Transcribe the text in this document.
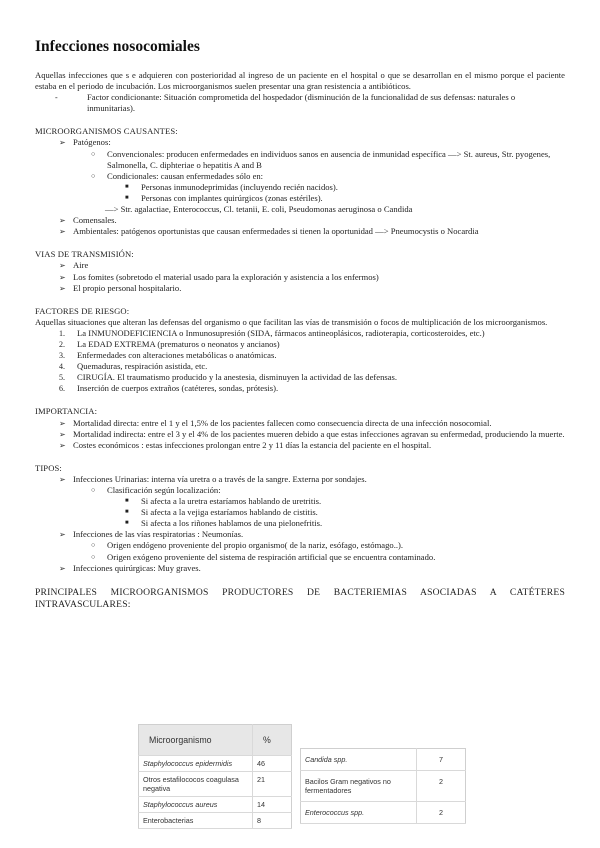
Infecciones nosocomiales

Aquellas infecciones que s e adquieren con posterioridad al ingreso de un paciente en el hospital o que se desarrollan en el mismo porque el paciente estaba en el periodo de incubación. Los microorganismos suelen presentar una gran resistencia a antibióticos.

-	Factor condicionante: Situación comprometida del hospedador (disminución de la funcionalidad de sus defensas: naturales o inmunitarias).

MICROORGANISMOS CAUSANTES:

➢ Patógenos:
○	Convencionales: producen enfermedades en individuos sanos en ausencia de inmunidad específica —> St. aureus, Str. pyogenes, Salmonella, C. diphteriae o hepatitis A and B
○	Condicionales: causan enfermedades sólo en:
■	Personas inmunodeprimidas (incluyendo recién nacidos).
■	Personas con implantes quirúrgicos (zonas estériles).
—> Str. agalactiae, Enterococcus, Cl. tetanii, E. coli, Pseudomonas aeruginosa o Candida
➢ Comensales.
➢ Ambientales: patógenos oportunistas que causan enfermedades si tienen la oportunidad —> Pneumocystis o Nocardia

VIAS DE TRANSMISIÓN:

➢ Aire
➢ Los fomites (sobretodo el material usado para la exploración y asistencia a los enfermos)
➢ El propio personal hospitalario.

FACTORES DE RIESGO:

Aquellas situaciones que alteran las defensas del organismo o que facilitan las vías de transmisión o focos de multiplicación de los microorganismos.

1.	La INMUNODEFICIENCIA o Inmunosupresión (SIDA, fármacos antineoplásicos, radioterapia, corticosteroides, etc.)
2.	La EDAD EXTREMA (prematuros o neonatos y ancianos)
3.	Enfermedades con alteraciones metabólicas o anatómicas.
4.	Quemaduras, respiración asistida, etc.
5.	CIRUGÍA. El traumatismo producido y la anestesia, disminuyen la actividad de las defensas.
6.	Inserción de cuerpos extraños (catéteres, sondas, prótesis).

IMPORTANCIA:

➢ Mortalidad directa: entre el 1 y el 1,5% de los pacientes fallecen como consecuencia directa de una infección nosocomial.
➢ Mortalidad indirecta: entre el 3 y el 4% de los pacientes mueren debido a que estas infecciones agravan su enfermedad, produciendo la muerte.
➢ Costes económicos : estas infecciones prolongan entre 2 y 11 días la estancia del paciente en el hospital.

TIPOS:

➢ Infecciones Urinarias: interna vía uretra o a través de la sangre. Externa por sondajes.
○	Clasificación según localización:
■	Si afecta a la uretra estaríamos hablando de uretritis.
■	Si afecta a la vejiga estaríamos hablando de cistitis.
■	Si afecta a los riñones hablamos de una pielonefritis.
➢ Infecciones de las vías respiratorias : Neumonías.
○	Origen endógeno proveniente del propio organismo( de la nariz, esófago, estómago..).
○	Origen exógeno proveniente del sistema de respiración artificial que se encuentra contaminado.
➢ Infecciones quirúrgicas: Muy graves.

PRINCIPALES MICROORGANISMOS PRODUCTORES DE BACTERIEMIAS ASOCIADAS A CATÉTERES

INTRAVASCULARES:

Microorganismo	%
Staphylococcus epidermidis	46
Otros estafilococos coagulasa negativa	21
Staphylococcus aureus	14
Enterobacterias	8
Candida spp.	7
Bacilos Gram negativos no fermentadores	2
Enterococcus spp.	2
